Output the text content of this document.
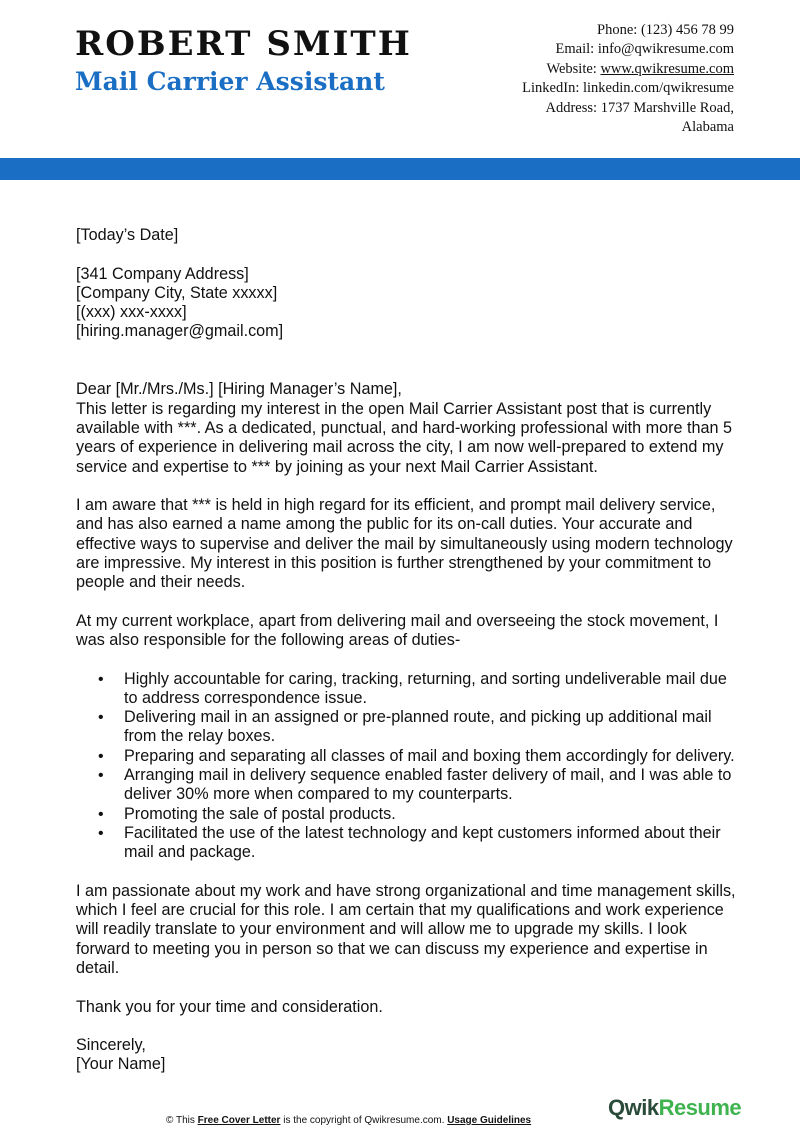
ROBERT SMITH
Mail Carrier Assistant
Phone: (123) 456 78 99
Email: info@qwikresume.com
Website: www.qwikresume.com
LinkedIn: linkedin.com/qwikresume
Address: 1737 Marshville Road,
Alabama

[Today’s Date]

[341 Company Address]

[Company City, State xxxxx]

[(xxx) xxx-xxxx]

[hiring.manager@gmail.com]

Dear [Mr./Mrs./Ms.] [Hiring Manager’s Name],

This letter is regarding my interest in the open Mail Carrier Assistant post that is currently available with ***. As a dedicated, punctual, and hard-working professional with more than 5 years of experience in delivering mail across the city, I am now well-prepared to extend my service and expertise to *** by joining as your next Mail Carrier Assistant.

I am aware that *** is held in high regard for its efficient, and prompt mail delivery service, and has also earned a name among the public for its on-call duties. Your accurate and effective ways to supervise and deliver the mail by simultaneously using modern technology are impressive. My interest in this position is further strengthened by your commitment to people and their needs.

At my current workplace, apart from delivering mail and overseeing the stock movement, I was also responsible for the following areas of duties-

• Highly accountable for caring, tracking, returning, and sorting undeliverable mail due to address correspondence issue.
• Delivering mail in an assigned or pre-planned route, and picking up additional mail from the relay boxes.
• Preparing and separating all classes of mail and boxing them accordingly for delivery.
• Arranging mail in delivery sequence enabled faster delivery of mail, and I was able to deliver 30% more when compared to my counterparts.
• Promoting the sale of postal products.
• Facilitated the use of the latest technology and kept customers informed about their mail and package.

I am passionate about my work and have strong organizational and time management skills, which I feel are crucial for this role. I am certain that my qualifications and work experience will readily translate to your environment and will allow me to upgrade my skills. I look forward to meeting you in person so that we can discuss my experience and expertise in detail.

Thank you for your time and consideration.

Sincerely,

[Your Name]

QwikResume
© This Free Cover Letter is the copyright of Qwikresume.com. Usage Guidelines
